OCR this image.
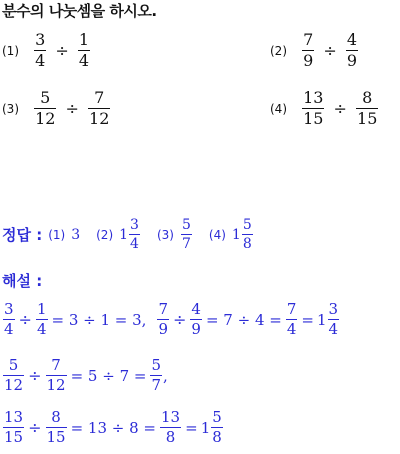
분수의 나눗셈을 하시오.
$(1) \frac{3}{4} \div \frac{1}{4}$	$(2) \frac{7}{9} \div \frac{4}{9}$
$(3) \frac{5}{12} \div \frac{7}{12}$	$(4) \frac{13}{15} \div \frac{8}{15}$
정답 : (1) 3 (2) $1 \frac{3}{4} (3) \frac{5}{7} (4)$ $1 \frac{5}{8}$
해설 :
$\frac{3}{4} \div \frac{1}{4} = 3 \div 1 = 3$, $\frac{7}{9} \div \frac{4}{9} = 7 \div 4 = \frac{7}{4} = 1 \frac{3}{4}$
$\frac{5}{12} \div \frac{7}{12} = 5 \div 7 = \frac{5}{7}$ ,
$\frac{13}{15} \div \frac{8}{15} = 13 \div 8 = \frac{13}{8} = 1 \frac{5}{8}$
